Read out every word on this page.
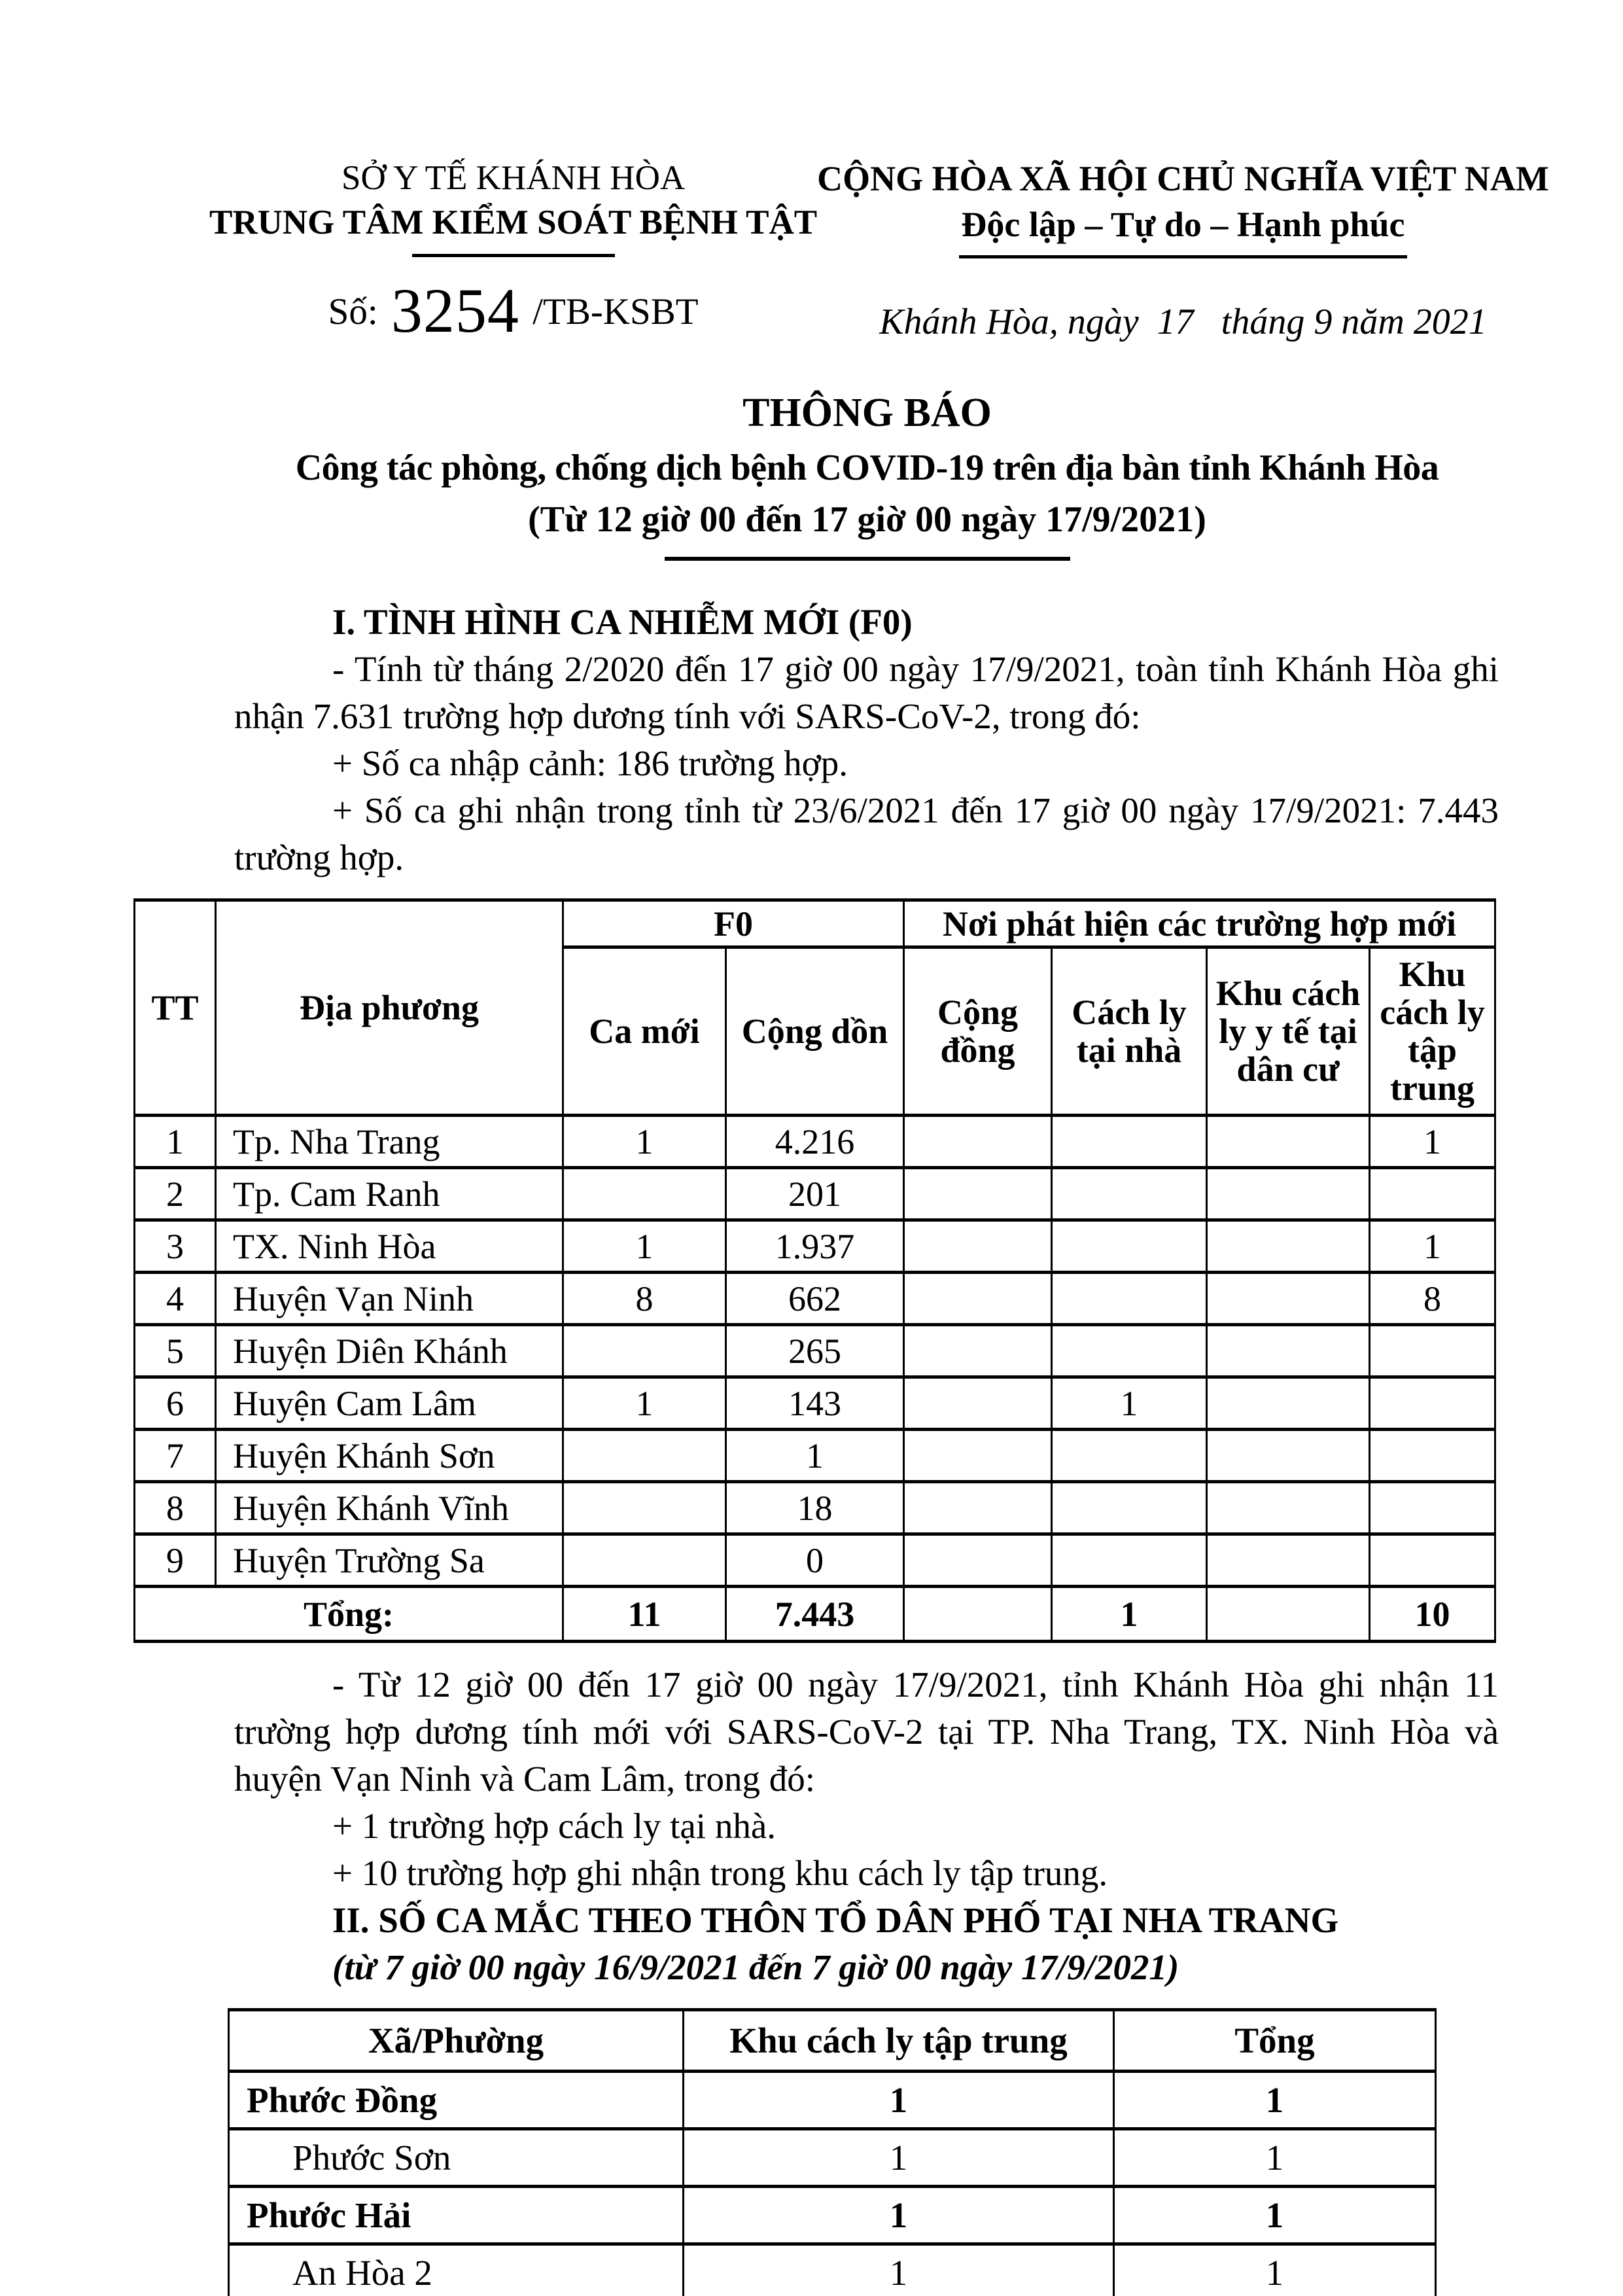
SỞ Y TẾ KHÁNH HÒA
TRUNG TÂM KIỂM SOÁT BỆNH TẬT
Số: 3254 /TB-KSBT
CỘNG HÒA XÃ HỘI CHỦ NGHĨA VIỆT NAM
Độc lập – Tự do – Hạnh phúc
Khánh Hòa, ngày  17   tháng 9 năm 2021
THÔNG BÁO
Công tác phòng, chống dịch bệnh COVID-19 trên địa bàn tỉnh Khánh Hòa
(Từ 12 giờ 00 đến 17 giờ 00 ngày 17/9/2021)
I. TÌNH HÌNH CA NHIỄM MỚI (F0)

- Tính từ tháng 2/2020 đến 17 giờ 00 ngày 17/9/2021, toàn tỉnh Khánh Hòa ghi nhận 7.631 trường hợp dương tính với SARS-CoV-2, trong đó:

+ Số ca nhập cảnh: 186 trường hợp.

+ Số ca ghi nhận trong tỉnh từ 23/6/2021 đến 17 giờ 00 ngày 17/9/2021: 7.443 trường hợp.

TT	Địa phương	F0		Nơi phát hiện các trường hợp mới			
		Ca mới	Cộng dồn	Cộng đồng	Cách ly tại nhà	Khu cách ly y tế tại dân cư	Khu cách ly tập trung
1	Tp. Nha Trang	1	4.216				1
2	Tp. Cam Ranh		201				
3	TX. Ninh Hòa	1	1.937				1
4	Huyện Vạn Ninh	8	662				8
5	Huyện Diên Khánh		265				
6	Huyện Cam Lâm	1	143		1		
7	Huyện Khánh Sơn		1				
8	Huyện Khánh Vĩnh		18				
9	Huyện Trường Sa		0				
Tổng:		11	7.443		1		10

- Từ 12 giờ 00 đến 17 giờ 00 ngày 17/9/2021, tỉnh Khánh Hòa ghi nhận 11 trường hợp dương tính mới với SARS-CoV-2 tại TP. Nha Trang, TX. Ninh Hòa và huyện Vạn Ninh và Cam Lâm, trong đó:

+ 1 trường hợp cách ly tại nhà.
+ 10 trường hợp ghi nhận trong khu cách ly tập trung.
II. SỐ CA MẮC THEO THÔN TỔ DÂN PHỐ TẠI NHA TRANG
(từ 7 giờ 00 ngày 16/9/2021 đến 7 giờ 00 ngày 17/9/2021)
Xã/Phường	Khu cách ly tập trung	Tổng
Phước Đồng	1	1
Phước Sơn	1	1
Phước Hải	1	1
An Hòa 2	1	1
